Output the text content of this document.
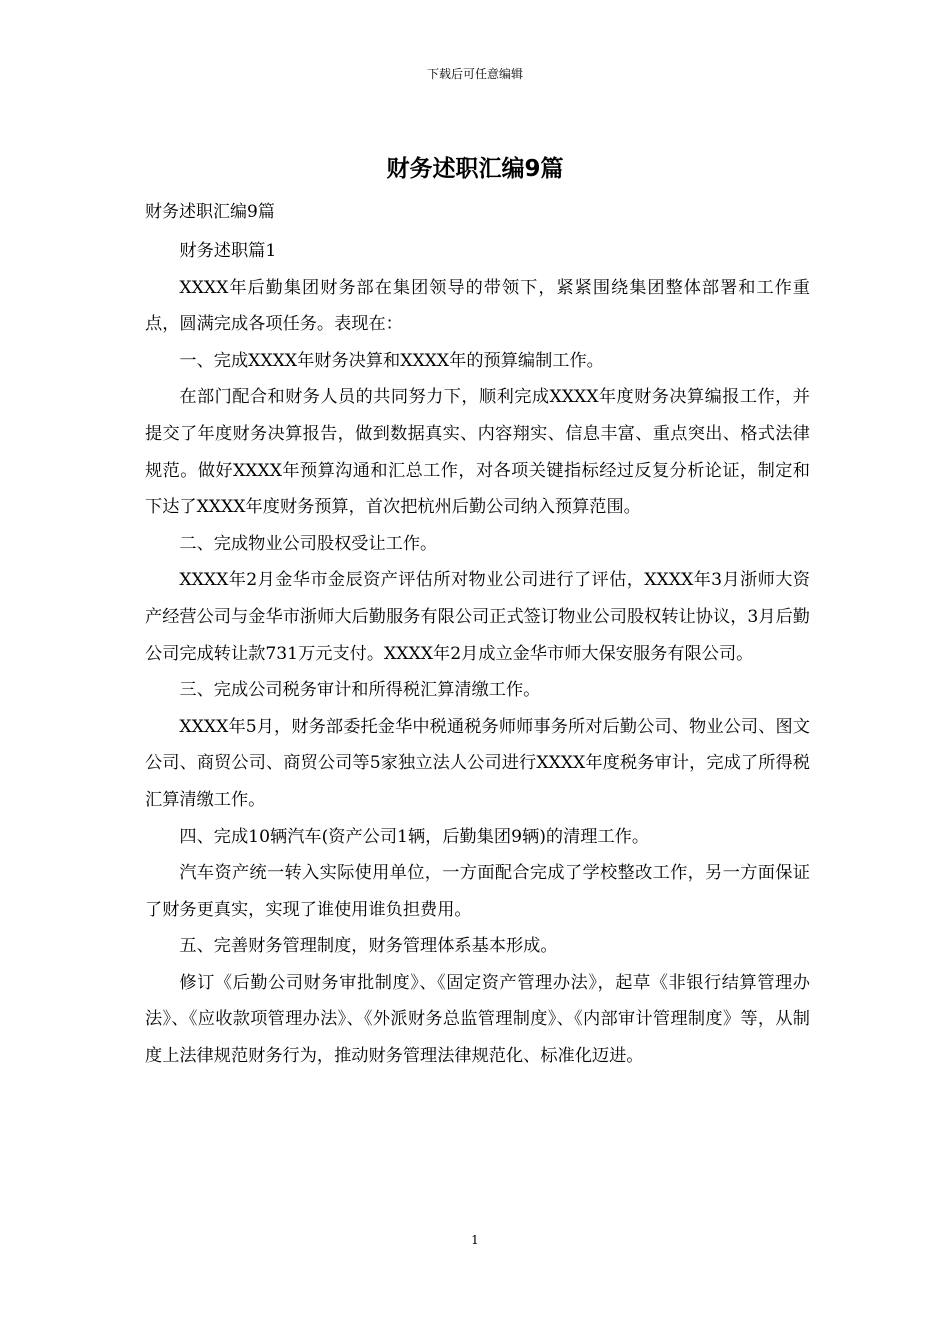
下载后可任意编辑
财务述职汇编9篇
财务述职汇编9篇

财务述职篇1

XXXX年后勤集团财务部在集团领导的带领下，紧紧围绕集团整体部署和工作重点，圆满完成各项任务。表现在：

一、完成XXXX年财务决算和XXXX年的预算编制工作。

在部门配合和财务人员的共同努力下，顺利完成XXXX年度财务决算编报工作，并提交了年度财务决算报告，做到数据真实、内容翔实、信息丰富、重点突出、格式法律规范。做好XXXX年预算沟通和汇总工作，对各项关键指标经过反复分析论证，制定和下达了XXXX年度财务预算，首次把杭州后勤公司纳入预算范围。

二、完成物业公司股权受让工作。

XXXX年2月金华市金辰资产评估所对物业公司进行了评估，XXXX年3月浙师大资产经营公司与金华市浙师大后勤服务有限公司正式签订物业公司股权转让协议，3月后勤公司完成转让款731万元支付。XXXX年2月成立金华市师大保安服务有限公司。

三、完成公司税务审计和所得税汇算清缴工作。

XXXX年5月，财务部委托金华中税通税务师师事务所对后勤公司、物业公司、图文公司、商贸公司、商贸公司等5家独立法人公司进行XXXX年度税务审计，完成了所得税汇算清缴工作。

四、完成10辆汽车(资产公司1辆，后勤集团9辆)的清理工作。

汽车资产统一转入实际使用单位，一方面配合完成了学校整改工作，另一方面保证了财务更真实，实现了谁使用谁负担费用。

五、完善财务管理制度，财务管理体系基本形成。

修订《后勤公司财务审批制度》、《固定资产管理办法》，起草《非银行结算管理办法》、《应收款项管理办法》、《外派财务总监管理制度》、《内部审计管理制度》等，从制度上法律规范财务行为，推动财务管理法律规范化、标准化迈进。

1
